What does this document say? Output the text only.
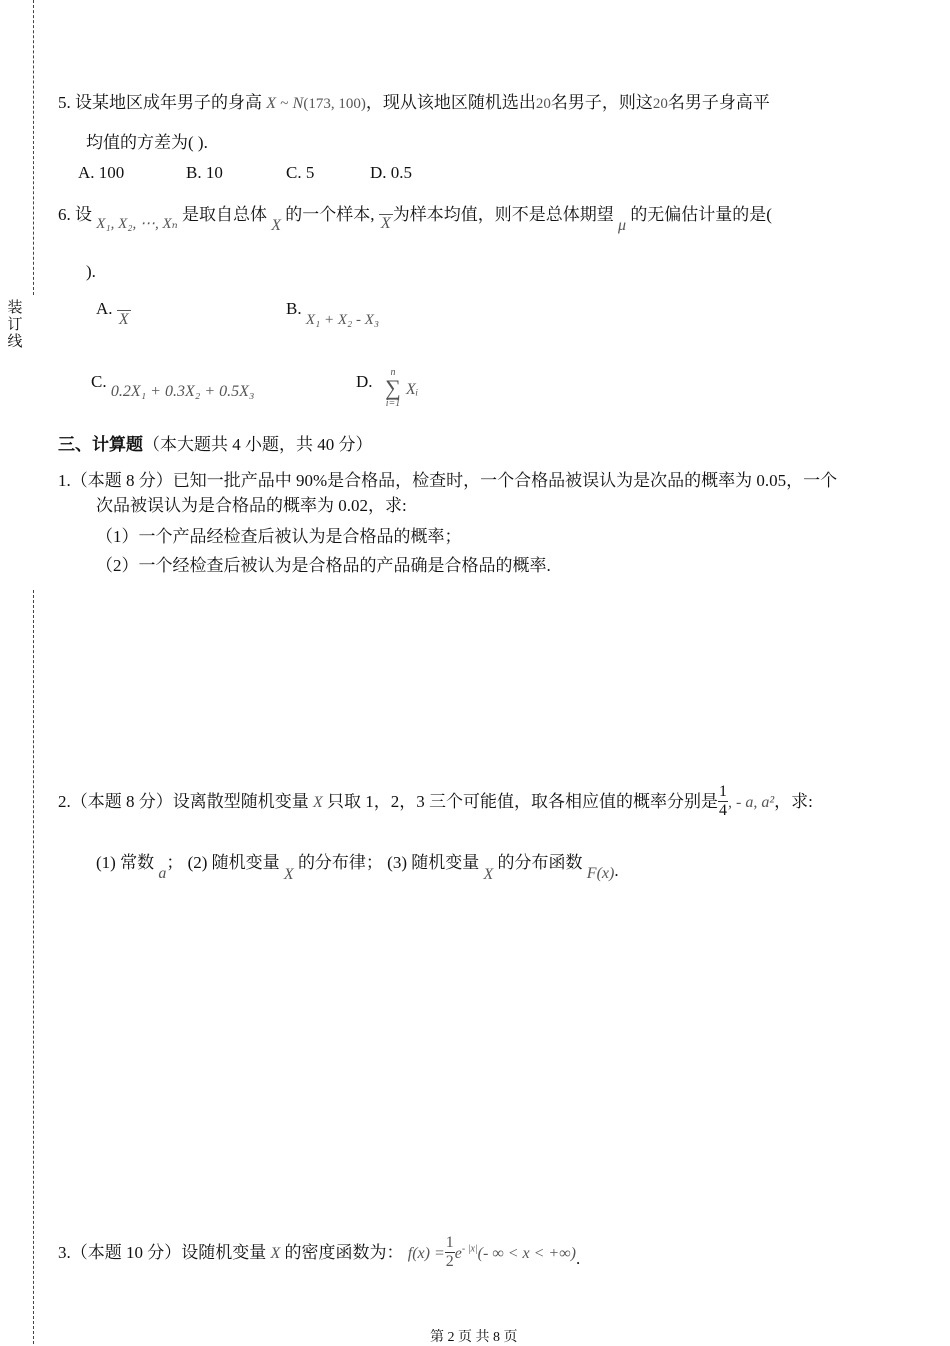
装订线
5. 设某地区成年男子的身高 X ~ N(173, 100)，现从该地区随机选出20名男子，则这20名男子身高平
均值的方差为( ).
A. 100	B. 10	C. 5	D. 0.5
6. 设 X₁, X₂, ⋯, Xₙ 是取自总体 X 的一个样本, X 为样本均值，则不是总体期望 μ 的无偏估计量的是(
).
A.
X
B. X₁ + X₂ - X₃
C. 0.2X₁ + 0.3X₂ + 0.5X₃
D.	n
∑
i=1
Xᵢ
三、计算题（本大题共 4 小题，共 40 分）
1.（本题 8 分）已知一批产品中 90%是合格品，检查时，一个合格品被误认为是次品的概率为 0.05，一个
次品被误认为是合格品的概率为 0.02，求:
（1）一个产品经检查后被认为是合格品的概率；
（2）一个经检查后被认为是合格品的产品确是合格品的概率.
2.（本题 8 分）设离散型随机变量 X 只取 1，2，3 三个可能值，取各相应值的概率分别是 $\frac{1}{4}$ , - a, a²，求:
(1) 常数 a； (2) 随机变量 X 的分布律； (3) 随机变量 X 的分布函数 F(x).
3.（本题 10 分）设随机变量 X 的密度函数为： $f(x) = \frac{1}{2} e^{- |x|}(-$ ∞ < x < +∞).
第 2 页 共 8 页
